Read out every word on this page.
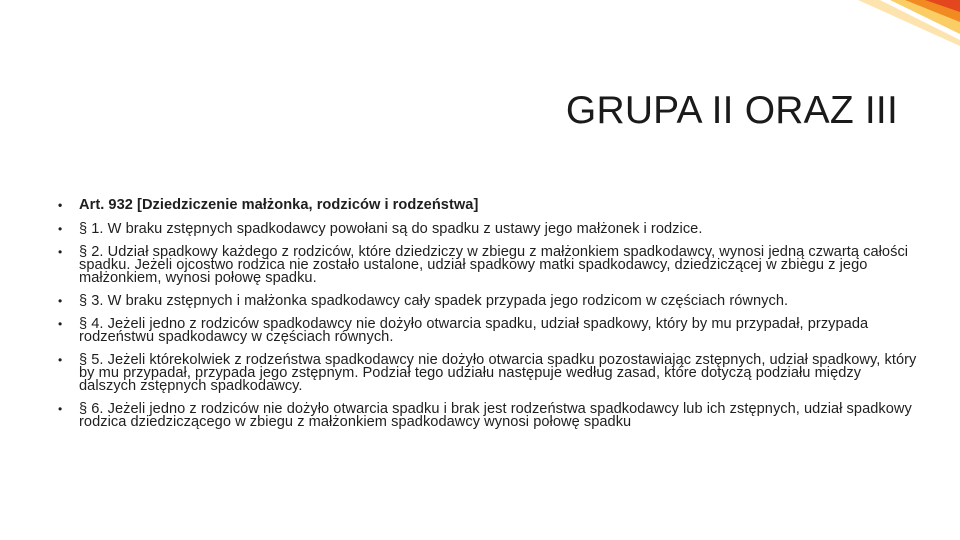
GRUPA II ORAZ III
• Art. 932 [Dziedziczenie małżonka, rodziców i rodzeństwa]
• § 1. W braku zstępnych spadkodawcy powołani są do spadku z ustawy jego małżonek i rodzice.
• § 2. Udział spadkowy każdego z rodziców, które dziedziczy w zbiegu z małżonkiem spadkodawcy, wynosi jedną czwartą całości spadku. Jeżeli ojcostwo rodzica nie zostało ustalone, udział spadkowy matki spadkodawcy, dziedziczącej w zbiegu z jego małżonkiem, wynosi połowę spadku.
• § 3. W braku zstępnych i małżonka spadkodawcy cały spadek przypada jego rodzicom w częściach równych.
• § 4. Jeżeli jedno z rodziców spadkodawcy nie dożyło otwarcia spadku, udział spadkowy, który by mu przypadał, przypada rodzeństwu spadkodawcy w częściach równych.
• § 5. Jeżeli którekolwiek z rodzeństwa spadkodawcy nie dożyło otwarcia spadku pozostawiając zstępnych, udział spadkowy, który by mu przypadał, przypada jego zstępnym. Podział tego udziału następuje według zasad, które dotyczą podziału między dalszych zstępnych spadkodawcy.
• § 6. Jeżeli jedno z rodziców nie dożyło otwarcia spadku i brak jest rodzeństwa spadkodawcy lub ich zstępnych, udział spadkowy rodzica dziedziczącego w zbiegu z małżonkiem spadkodawcy wynosi połowę spadku
